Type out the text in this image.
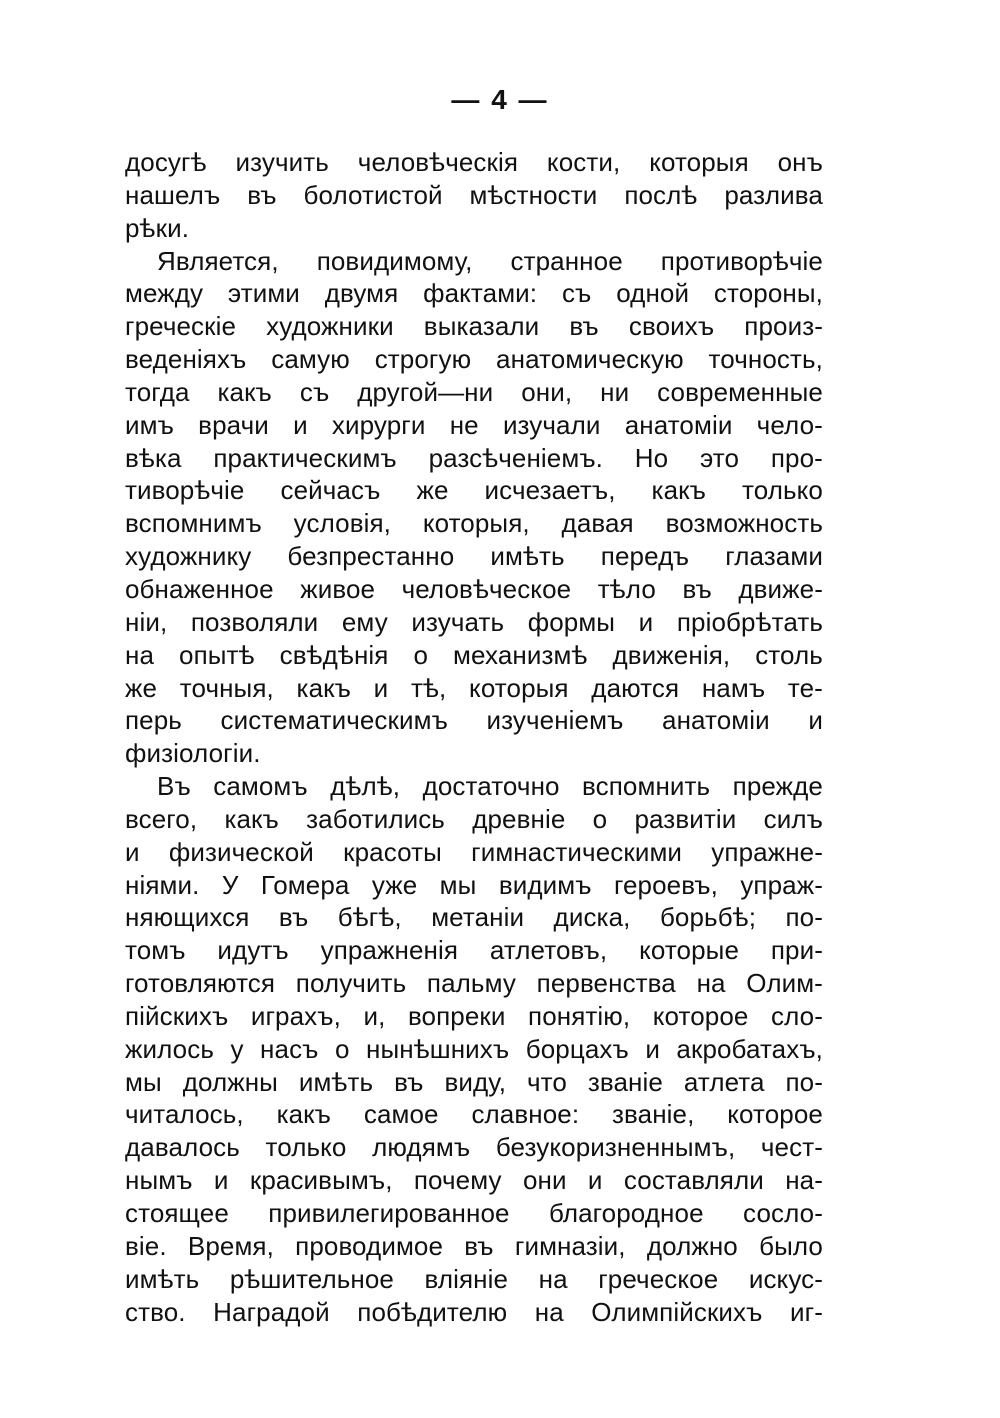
— 4 —
досугѣ изучить человѣческія кости, которыя онъ
нашелъ въ болотистой мѣстности послѣ разлива
рѣки.
Является, повидимому, странное противорѣчіе
между этими двумя фактами: съ одной стороны,
греческіе художники выказали въ своихъ произ-
веденіяхъ самую строгую анатомическую точность,
тогда какъ съ другой—ни они, ни современные
имъ врачи и хирурги не изучали анатоміи чело-
вѣка практическимъ разсѣченіемъ. Но это про-
тиворѣчіе сейчасъ же исчезаетъ, какъ только
вспомнимъ условія, которыя, давая возможность
художнику безпрестанно имѣть передъ глазами
обнаженное живое человѣческое тѣло въ движе-
ніи, позволяли ему изучать формы и пріобрѣтать
на опытѣ свѣдѣнія о механизмѣ движенія, столь
же точныя, какъ и тѣ, которыя даются намъ те-
перь систематическимъ изученіемъ анатоміи и
физіологіи.
Въ самомъ дѣлѣ, достаточно вспомнить прежде
всего, какъ заботились древніе о развитіи силъ
и физической красоты гимнастическими упражне-
ніями. У Гомера уже мы видимъ героевъ, упраж-
няющихся въ бѣгѣ, метаніи диска, борьбѣ; по-
томъ идутъ упражненія атлетовъ, которые при-
готовляются получить пальму первенства на Олим-
пійскихъ играхъ, и, вопреки понятію, которое сло-
жилось у насъ о нынѣшнихъ борцахъ и акробатахъ,
мы должны имѣть въ виду, что званіе атлета по-
читалось, какъ самое славное: званіе, которое
давалось только людямъ безукоризненнымъ, чест-
нымъ и красивымъ, почему они и составляли на-
стоящее привилегированное благородное сосло-
віе. Время, проводимое въ гимназіи, должно было
имѣть рѣшительное вліяніе на греческое искус-
ство. Наградой побѣдителю на Олимпійскихъ иг-
